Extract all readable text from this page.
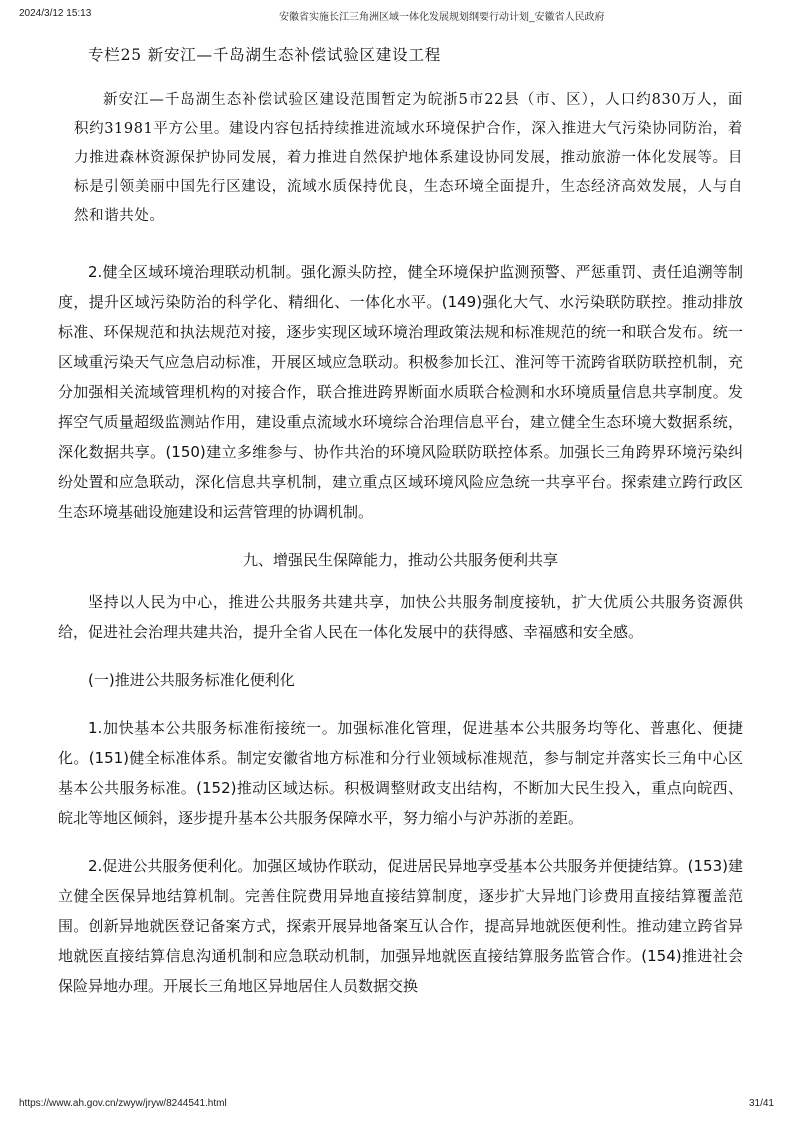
2024/3/12 15:13	安徽省实施长江三角洲区域一体化发展规划纲要行动计划_安徽省人民政府

专栏25 新安江—千岛湖生态补偿试验区建设工程

新安江—千岛湖生态补偿试验区建设范围暂定为皖浙5市22县（市、区），人口约830万人，面积约31981平方公里。建设内容包括持续推进流域水环境保护合作，深入推进大气污染协同防治，着力推进森林资源保护协同发展，着力推进自然保护地体系建设协同发展，推动旅游一体化发展等。目标是引领美丽中国先行区建设，流域水质保持优良，生态环境全面提升，生态经济高效发展，人与自然和谐共处。

2.健全区域环境治理联动机制。强化源头防控，健全环境保护监测预警、严惩重罚、责任追溯等制度，提升区域污染防治的科学化、精细化、一体化水平。(149)强化大气、水污染联防联控。推动排放标准、环保规范和执法规范对接，逐步实现区域环境治理政策法规和标准规范的统一和联合发布。统一区域重污染天气应急启动标准，开展区域应急联动。积极参加长江、淮河等干流跨省联防联控机制，充分加强相关流域管理机构的对接合作，联合推进跨界断面水质联合检测和水环境质量信息共享制度。发挥空气质量超级监测站作用，建设重点流域水环境综合治理信息平台，建立健全生态环境大数据系统，深化数据共享。(150)建立多维参与、协作共治的环境风险联防联控体系。加强长三角跨界环境污染纠纷处置和应急联动，深化信息共享机制，建立重点区域环境风险应急统一共享平台。探索建立跨行政区生态环境基础设施建设和运营管理的协调机制。

九、增强民生保障能力，推动公共服务便利共享

坚持以人民为中心，推进公共服务共建共享，加快公共服务制度接轨，扩大优质公共服务资源供给，促进社会治理共建共治，提升全省人民在一体化发展中的获得感、幸福感和安全感。

(一)推进公共服务标准化便利化

1.加快基本公共服务标准衔接统一。加强标准化管理，促进基本公共服务均等化、普惠化、便捷化。(151)健全标准体系。制定安徽省地方标准和分行业领域标准规范，参与制定并落实长三角中心区基本公共服务标准。(152)推动区域达标。积极调整财政支出结构，不断加大民生投入，重点向皖西、皖北等地区倾斜，逐步提升基本公共服务保障水平，努力缩小与沪苏浙的差距。

2.促进公共服务便利化。加强区域协作联动，促进居民异地享受基本公共服务并便捷结算。(153)建立健全医保异地结算机制。完善住院费用异地直接结算制度，逐步扩大异地门诊费用直接结算覆盖范围。创新异地就医登记备案方式，探索开展异地备案互认合作，提高异地就医便利性。推动建立跨省异地就医直接结算信息沟通机制和应急联动机制，加强异地就医直接结算服务监管合作。(154)推进社会保险异地办理。开展长三角地区异地居住人员数据交换

https://www.ah.gov.cn/zwyw/jryw/8244541.html	31/41
